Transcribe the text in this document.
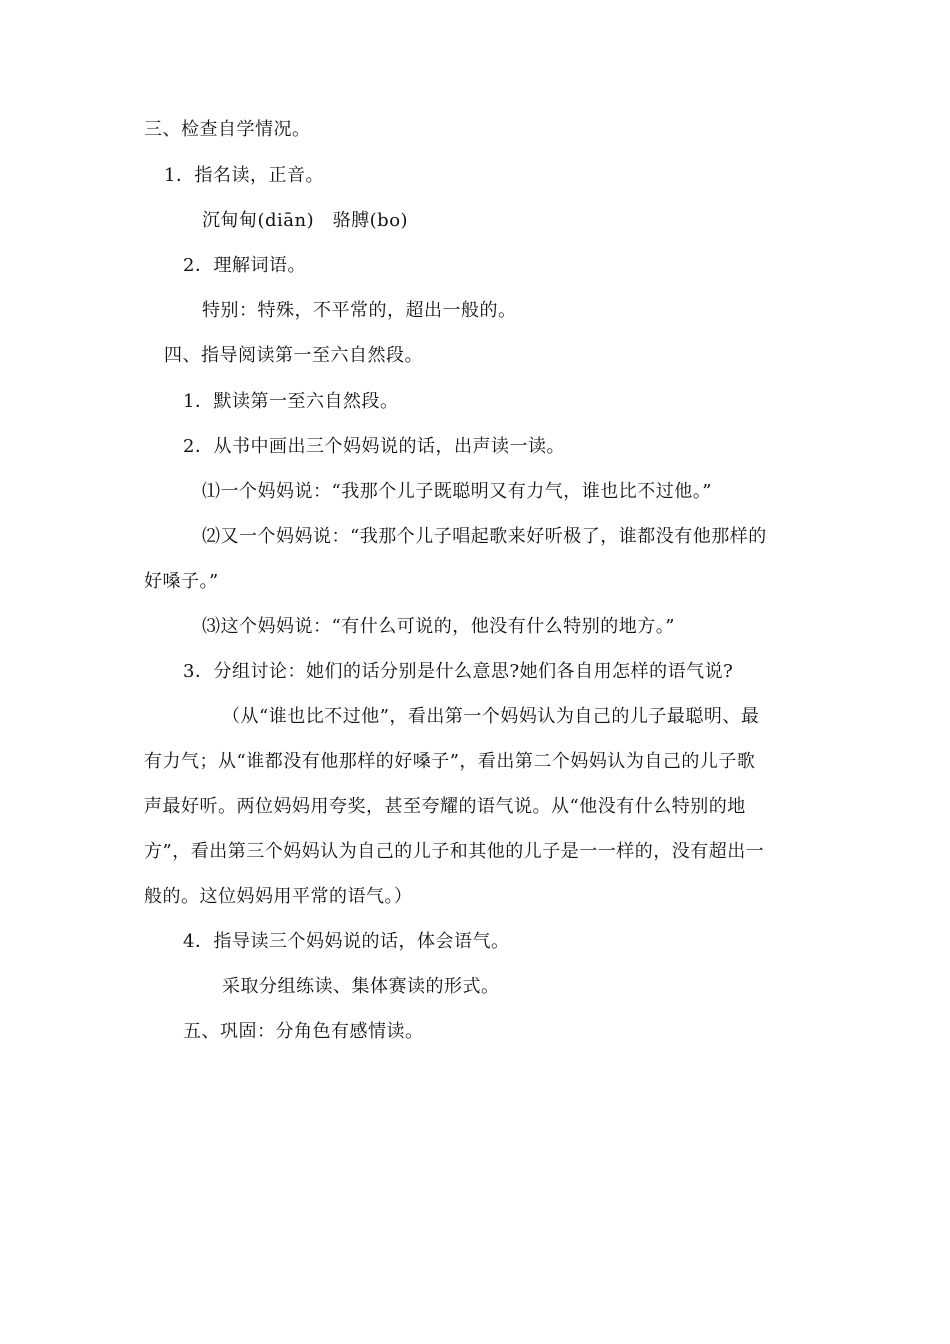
三、检查自学情况。
1．指名读，正音。
沉甸甸(diān)　骆膊(bo)
2．理解词语。
特别：特殊，不平常的，超出一般的。
四、指导阅读第一至六自然段。
1．默读第一至六自然段。
2．从书中画出三个妈妈说的话，出声读一读。
⑴一个妈妈说：“我那个儿子既聪明又有力气，谁也比不过他。”
⑵又一个妈妈说：“我那个儿子唱起歌来好听极了，谁都没有他那样的
好嗓子。”
⑶这个妈妈说：“有什么可说的，他没有什么特别的地方。”
3．分组讨论：她们的话分别是什么意思?她们各自用怎样的语气说?
（从“谁也比不过他”，看出第一个妈妈认为自己的儿子最聪明、最
有力气；从“谁都没有他那样的好嗓子”，看出第二个妈妈认为自己的儿子歌
声最好听。两位妈妈用夸奖，甚至夸耀的语气说。从“他没有什么特别的地
方”，看出第三个妈妈认为自己的儿子和其他的儿子是一一样的，没有超出一
般的。这位妈妈用平常的语气。）
4．指导读三个妈妈说的话，体会语气。
采取分组练读、集体赛读的形式。
五、巩固：分角色有感情读。
